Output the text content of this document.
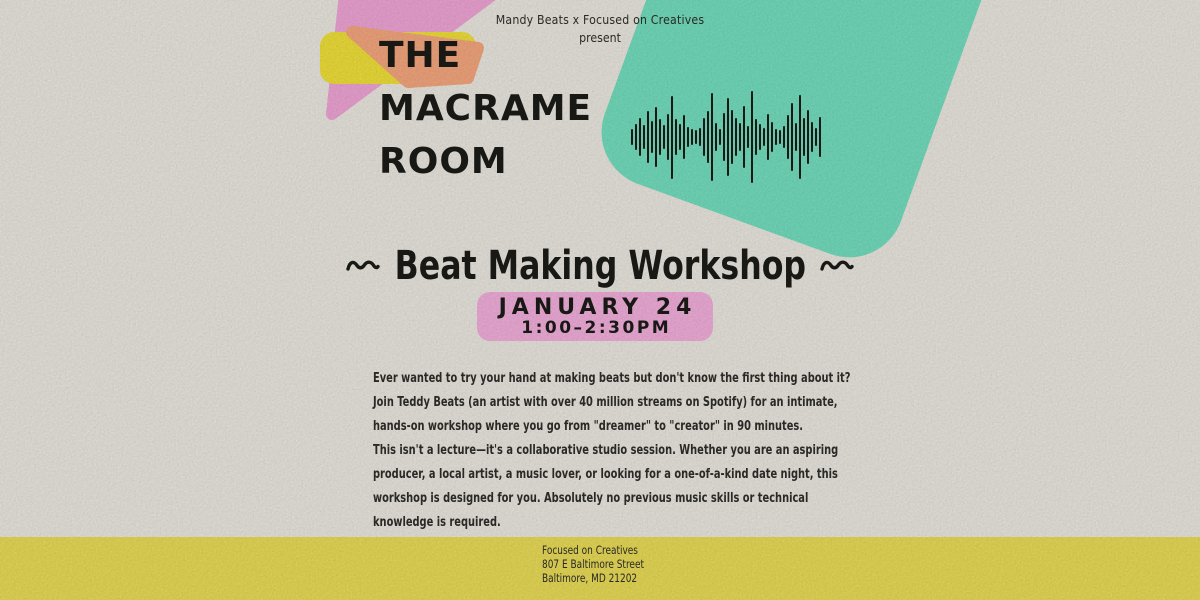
Mandy Beats x Focused on Creatives
present
THE
MACRAME
ROOM
Beat Making Workshop
JANUARY 24
1:00–2:30PM
Ever wanted to try your hand at making beats but don't know the first thing about it?
Join Teddy Beats (an artist with over 40 million streams on Spotify) for an intimate,
hands-on workshop where you go from "dreamer" to "creator" in 90 minutes.
This isn't a lecture—it's a collaborative studio session. Whether you are an aspiring
producer, a local artist, a music lover, or looking for a one-of-a-kind date night, this
workshop is designed for you. Absolutely no previous music skills or technical
knowledge is required.
Focused on Creatives
807 E Baltimore Street
Baltimore, MD 21202
